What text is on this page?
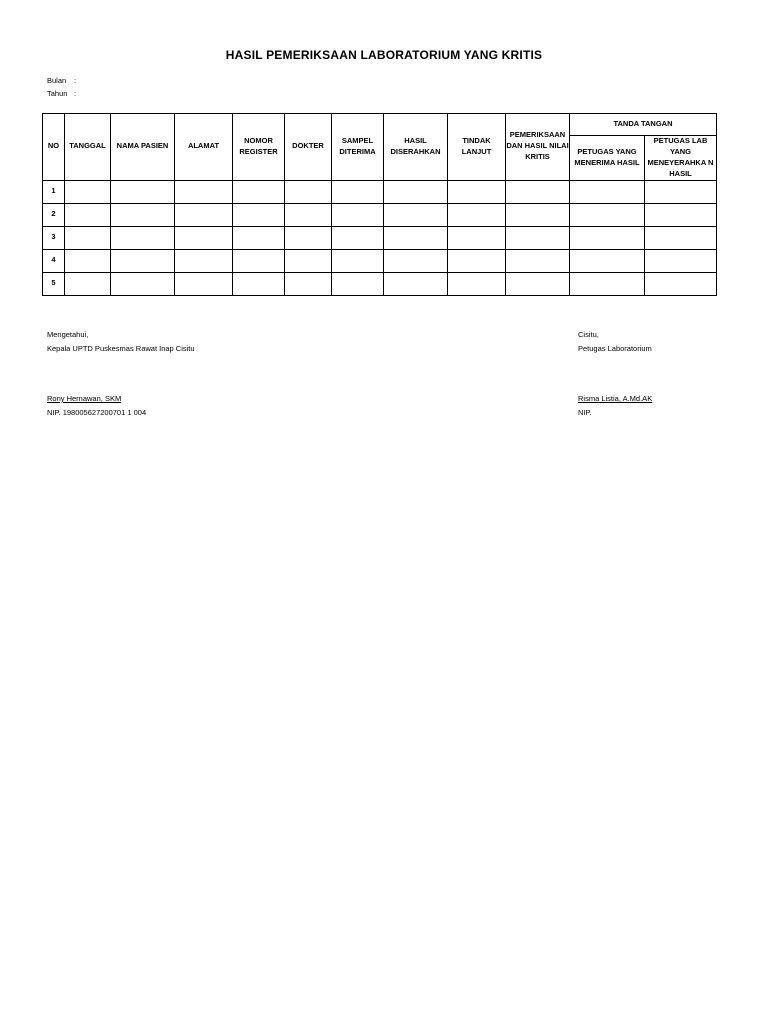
HASIL PEMERIKSAAN LABORATORIUM YANG KRITIS
Bulan :
Tahun :
NO	TANGGAL	NAMA PASIEN	ALAMAT	NOMOR REGISTER	DOKTER	SAMPEL DITERIMA	HASIL DISERAHKAN	TINDAK LANJUT	PEMERIKSAAN DAN HASIL NILAI KRITIS	TANDA TANGAN	
										PETUGAS YANG MENERIMA HASIL	PETUGAS LAB YANG MENEYERAHKA N HASIL
1											
2											
3											
4											
5											
Mengetahui,
Kepala UPTD Puskesmas Rawat Inap Cisitu
Rony Hernawan, SKM
NIP. 198005627200701 1 004
Cisitu,
Petugas Laboratorium
Risma Listia, A.Md.AK
NIP.
